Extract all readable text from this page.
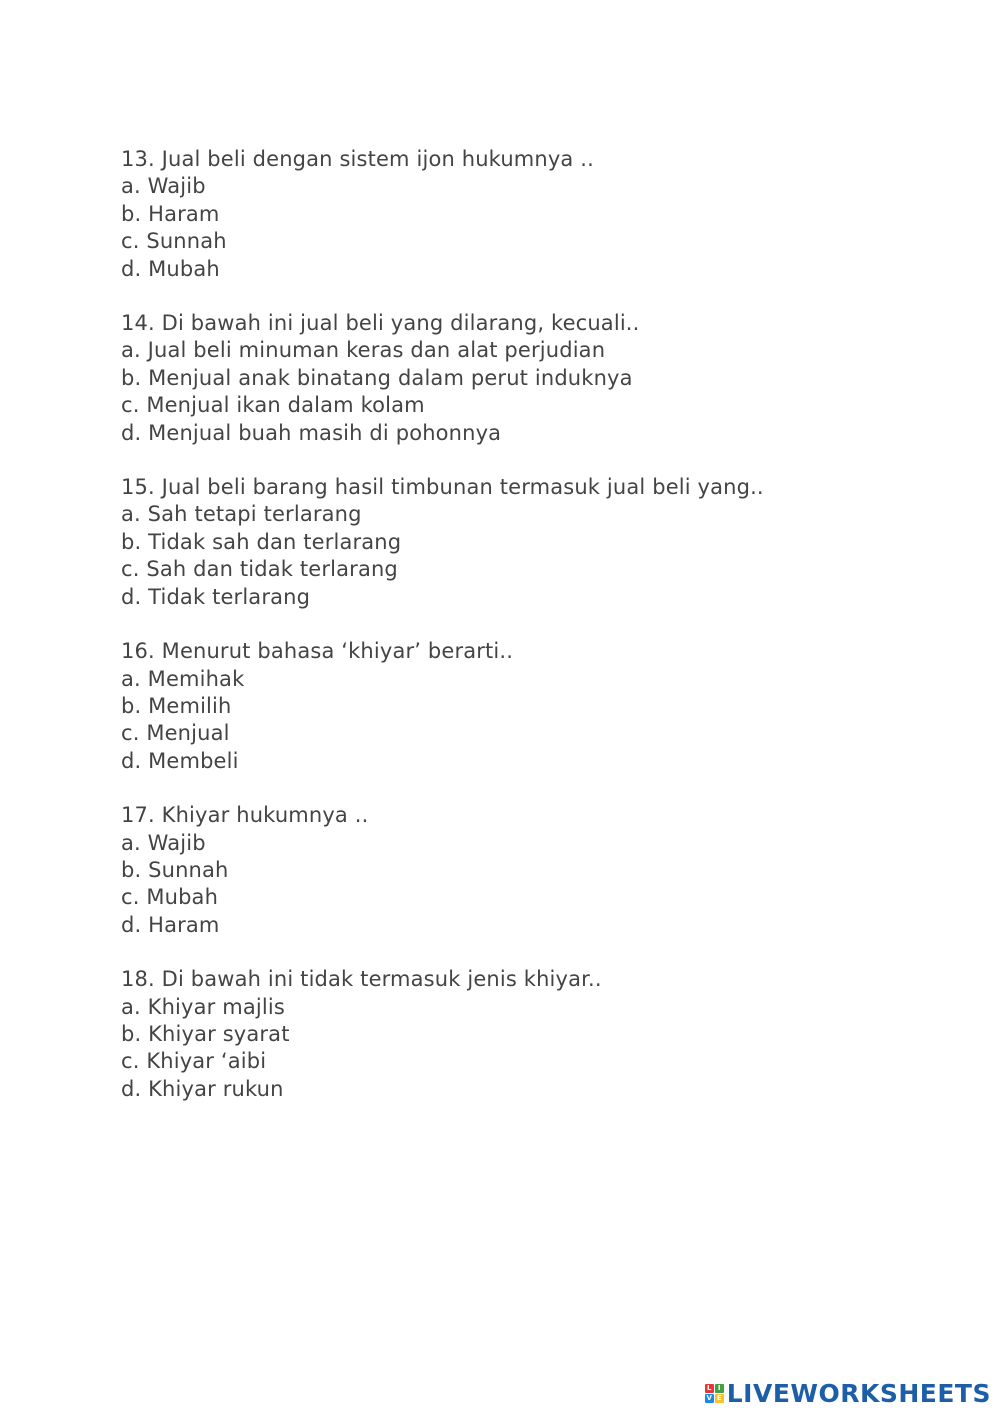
13. Jual beli dengan sistem ijon hukumnya ..
a. Wajib
b. Haram
c. Sunnah
d. Mubah
14. Di bawah ini jual beli yang dilarang, kecuali..
a. Jual beli minuman keras dan alat perjudian
b. Menjual anak binatang dalam perut induknya
c. Menjual ikan dalam kolam
d. Menjual buah masih di pohonnya
15. Jual beli barang hasil timbunan termasuk jual beli yang..
a. Sah tetapi terlarang
b. Tidak sah dan terlarang
c. Sah dan tidak terlarang
d. Tidak terlarang
16. Menurut bahasa ‘khiyar’ berarti..
a. Memihak
b. Memilih
c. Menjual
d. Membeli
17. Khiyar hukumnya ..
a. Wajib
b. Sunnah
c. Mubah
d. Haram
18. Di bawah ini tidak termasuk jenis khiyar..
a. Khiyar majlis
b. Khiyar syarat
c. Khiyar ‘aibi
d. Khiyar rukun
L I
V E LIVEWORKSHEETS
